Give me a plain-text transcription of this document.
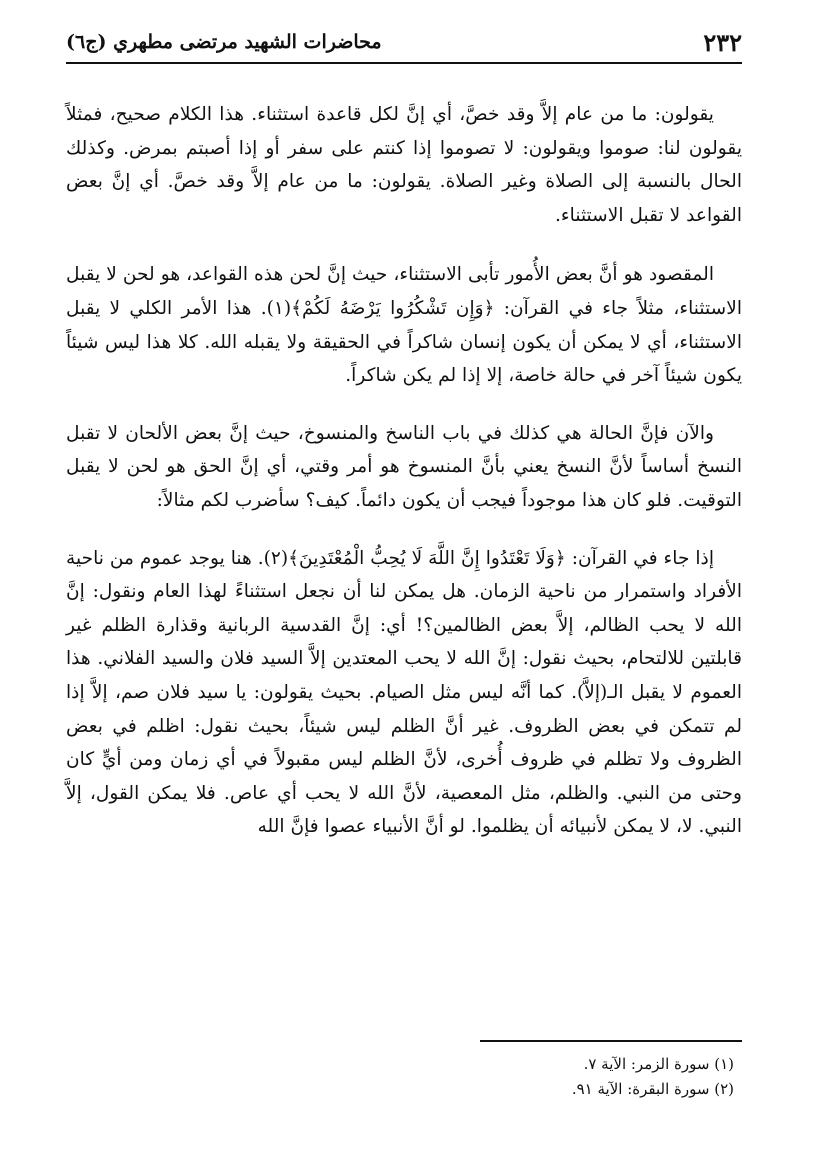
٢٣٢
محاضرات الشهيد مرتضى مطهري (ج٦)

يقولون: ما من عام إلاَّ وقد خصَّ، أي إنَّ لكل قاعدة استثناء. هذا الكلام صحيح، فمثلاً يقولون لنا: صوموا ويقولون: لا تصوموا إذا كنتم على سفر أو إذا أصبتم بمرض. وكذلك الحال بالنسبة إلى الصلاة وغير الصلاة. يقولون: ما من عام إلاَّ وقد خصَّ. أي إنَّ بعض القواعد لا تقبل الاستثناء.

المقصود هو أنَّ بعض الأُمور تأبى الاستثناء، حيث إنَّ لحن هذه القواعد، هو لحن لا يقبل الاستثناء، مثلاً جاء في القرآن: ﴿وَإِن تَشْكُرُوا يَرْضَهُ لَكُمْ﴾(١). هذا الأمر الكلي لا يقبل الاستثناء، أي لا يمكن أن يكون إنسان شاكراً في الحقيقة ولا يقبله الله. كلا هذا ليس شيئاً يكون شيئاً آخر في حالة خاصة، إلا إذا لم يكن شاكراً.

والآن فإنَّ الحالة هي كذلك في باب الناسخ والمنسوخ، حيث إنَّ بعض الألحان لا تقبل النسخ أساساً لأنَّ النسخ يعني بأنَّ المنسوخ هو أمر وقتي، أي إنَّ الحق هو لحن لا يقبل التوقيت. فلو كان هذا موجوداً فيجب أن يكون دائماً. كيف؟ سأضرب لكم مثالاً:

إذا جاء في القرآن: ﴿وَلَا تَعْتَدُوا إِنَّ اللَّهَ لَا يُحِبُّ الْمُعْتَدِينَ﴾(٢). هنا يوجد عموم من ناحية الأفراد واستمرار من ناحية الزمان. هل يمكن لنا أن نجعل استثناءً لهذا العام ونقول: إنَّ الله لا يحب الظالم، إلاَّ بعض الظالمين؟! أي: إنَّ القدسية الربانية وقذارة الظلم غير قابلتين للالتحام، بحيث نقول: إنَّ الله لا يحب المعتدين إلاَّ السيد فلان والسيد الفلاني. هذا العموم لا يقبل الـ(إلاَّ). كما أنَّه ليس مثل الصيام. بحيث يقولون: يا سيد فلان صم، إلاَّ إذا لم تتمكن في بعض الظروف. غير أنَّ الظلم ليس شيئاً، بحيث نقول: اظلم في بعض الظروف ولا تظلم في ظروف أُخرى، لأنَّ الظلم ليس مقبولاً في أي زمان ومن أيٍّ كان وحتى من النبي. والظلم، مثل المعصية، لأنَّ الله لا يحب أي عاص. فلا يمكن القول، إلاَّ النبي. لا، لا يمكن لأنبيائه أن يظلموا. لو أنَّ الأنبياء عصوا فإنَّ الله

(١) سورة الزمر: الآية ٧.

(٢) سورة البقرة: الآية ٩١.
